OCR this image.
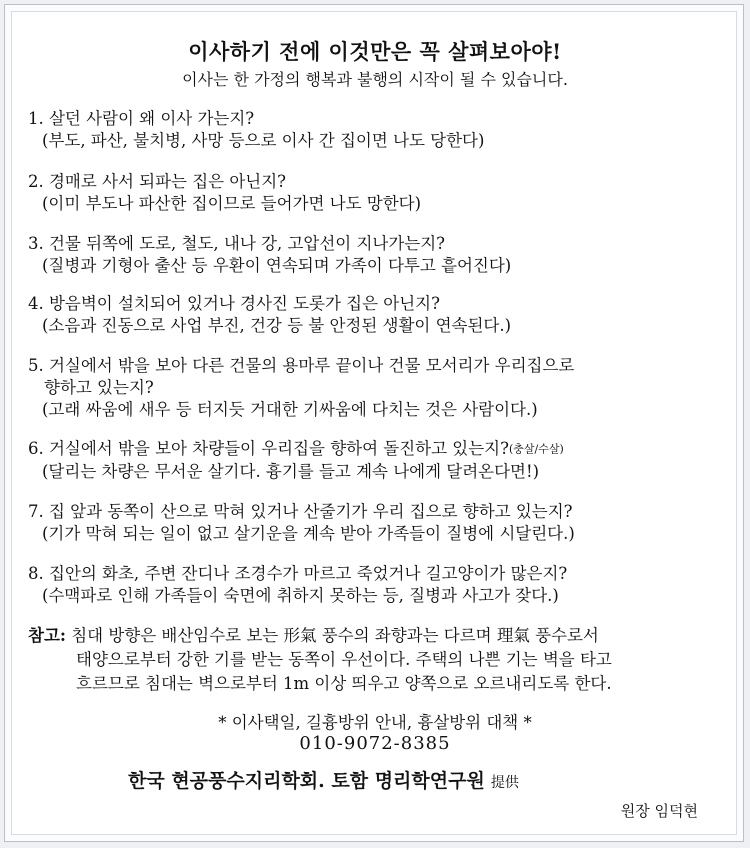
이사하기 전에 이것만은 꼭 살펴보아야!
이사는 한 가정의 행복과 불행의 시작이 될 수 있습니다.
1. 살던 사람이 왜 이사 가는지?
(부도, 파산, 불치병, 사망 등으로 이사 간 집이면 나도 당한다)
2. 경매로 사서 되파는 집은 아닌지?
(이미 부도나 파산한 집이므로 들어가면 나도 망한다)
3. 건물 뒤쪽에 도로, 철도, 내나 강, 고압선이 지나가는지?
(질병과 기형아 출산 등 우환이 연속되며 가족이 다투고 흩어진다)
4. 방음벽이 설치되어 있거나 경사진 도롯가 집은 아닌지?
(소음과 진동으로 사업 부진, 건강 등 불 안정된 생활이 연속된다.)
5. 거실에서 밖을 보아 다른 건물의 용마루 끝이나 건물 모서리가 우리집으로
향하고 있는지?
(고래 싸움에 새우 등 터지듯 거대한 기싸움에 다치는 것은 사람이다.)
6. 거실에서 밖을 보아 차량들이 우리집을 향하여 돌진하고 있는지?(충살/수살)
(달리는 차량은 무서운 살기다. 흉기를 들고 계속 나에게 달려온다면!)
7. 집 앞과 동쪽이 산으로 막혀 있거나 산줄기가 우리 집으로 향하고 있는지?
(기가 막혀 되는 일이 없고 살기운을 계속 받아 가족들이 질병에 시달린다.)
8. 집안의 화초, 주변 잔디나 조경수가 마르고 죽었거나 길고양이가 많은지?
(수맥파로 인해 가족들이 숙면에 취하지 못하는 등, 질병과 사고가 잦다.)
참고: 침대 방향은 배산임수로 보는 形氣 풍수의 좌향과는 다르며 理氣 풍수로서
태양으로부터 강한 기를 받는 동쪽이 우선이다. 주택의 나쁜 기는 벽을 타고
흐르므로 침대는 벽으로부터 1m 이상 띄우고 양쪽으로 오르내리도록 한다.
* 이사택일, 길흉방위 안내, 흉살방위 대책 *
010-9072-8385
한국 현공풍수지리학회. 토함 명리학연구원 提供
원장 임덕현
